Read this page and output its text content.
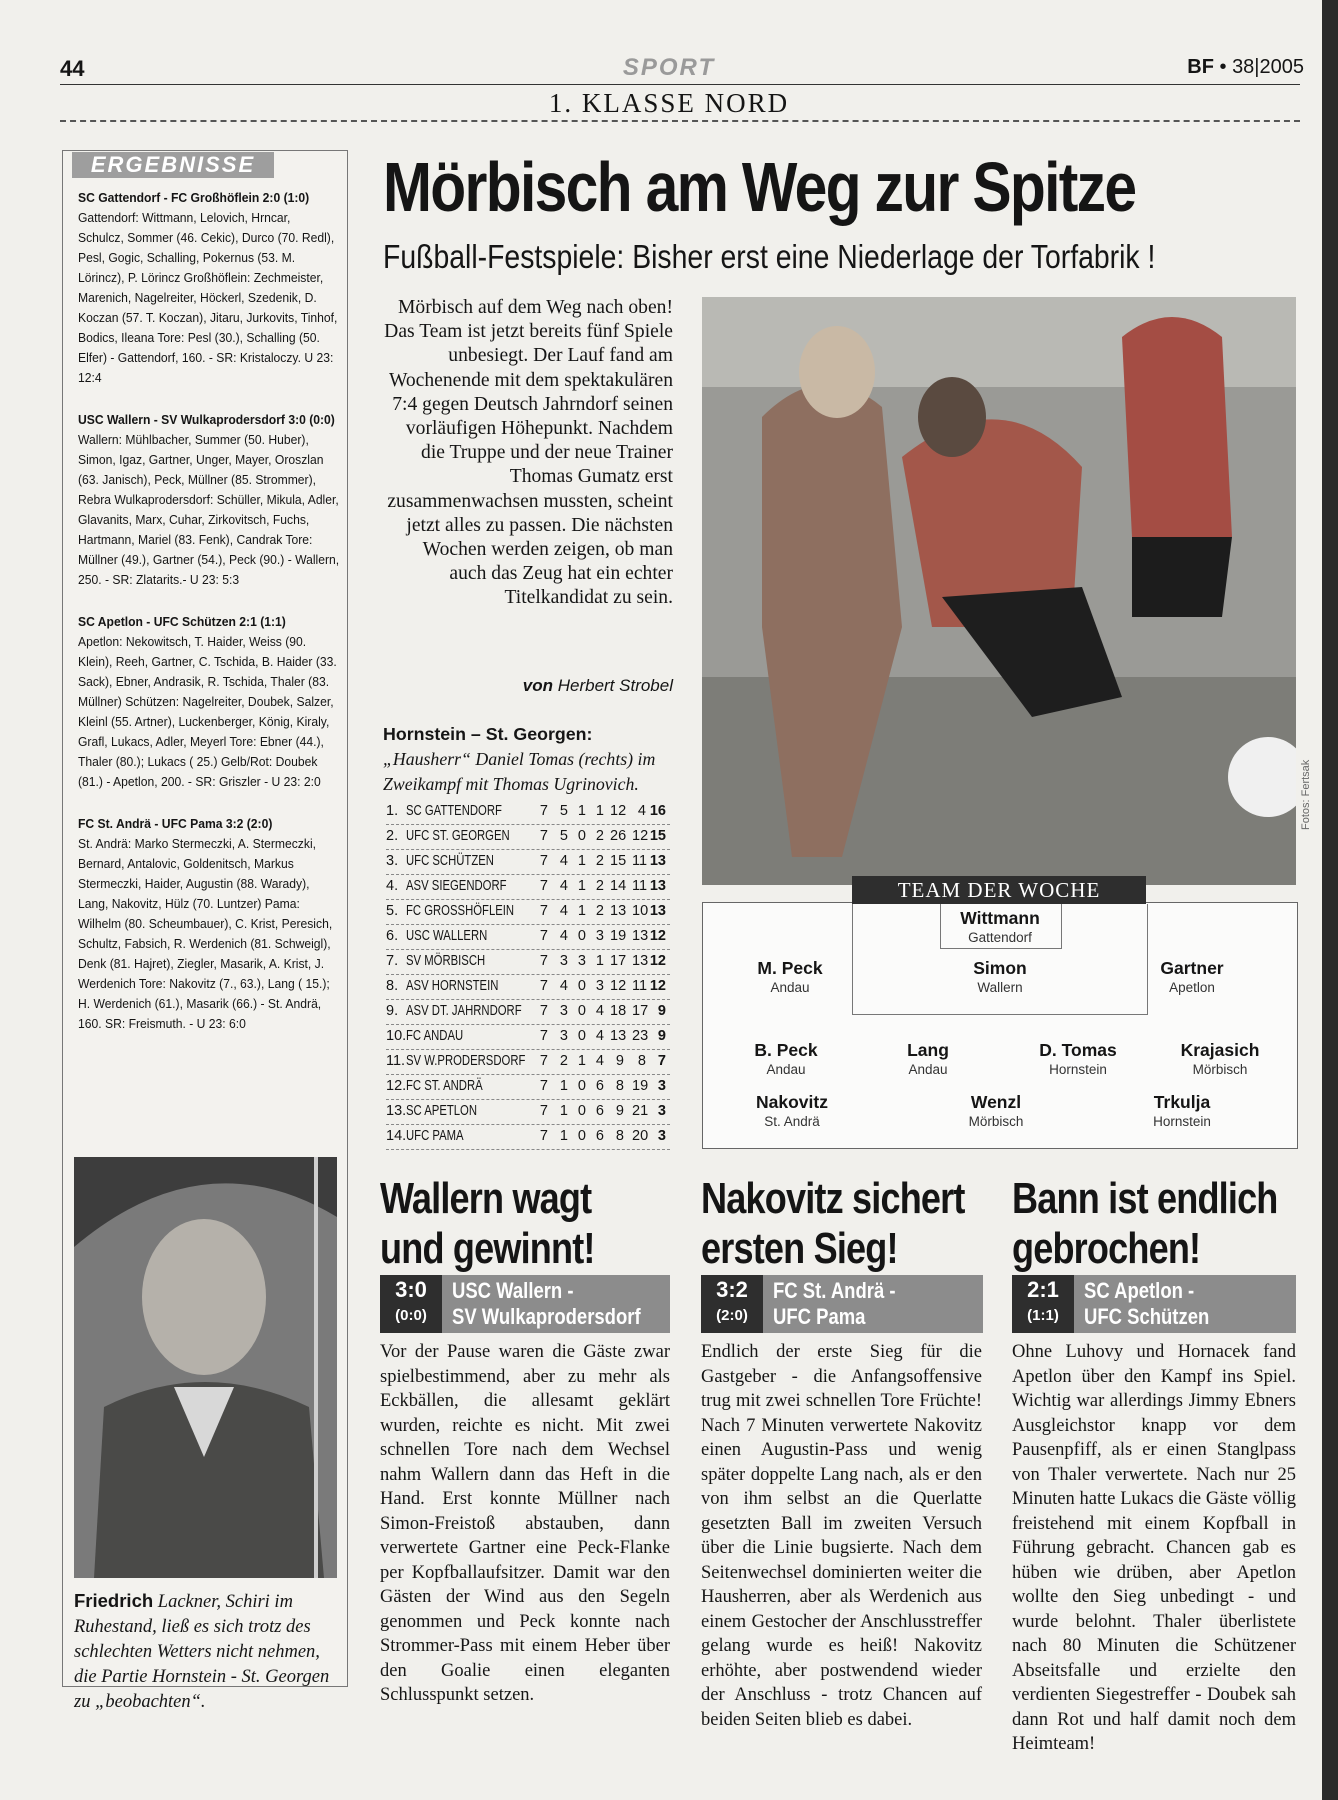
44	SPORT	BF • 38|2005
1. KLASSE NORD
ERGEBNISSE
SC Gattendorf - FC Großhöflein 2:0 (1:0)
Gattendorf: Wittmann, Lelovich, Hrncar, Schulcz, Sommer (46. Cekic), Durco (70. Redl), Pesl, Gogic, Schalling, Pokernus (53. M. Lörincz), P. Lörincz Großhöflein: Zechmeister, Marenich, Nagelreiter, Höckerl, Szedenik, D. Koczan (57. T. Koczan), Jitaru, Jurkovits, Tinhof, Bodics, Ileana Tore: Pesl (30.), Schalling (50. Elfer) - Gattendorf, 160. - SR: Kristaloczy. U 23: 12:4
USC Wallern - SV Wulkaprodersdorf 3:0 (0:0)
Wallern: Mühlbacher, Summer (50. Huber), Simon, Igaz, Gartner, Unger, Mayer, Oroszlan (63. Janisch), Peck, Müllner (85. Strommer), Rebra Wulkaprodersdorf: Schüller, Mikula, Adler, Glavanits, Marx, Cuhar, Zirkovitsch, Fuchs, Hartmann, Mariel (83. Fenk), Candrak Tore: Müllner (49.), Gartner (54.), Peck (90.) - Wallern, 250. - SR: Zlatarits.- U 23: 5:3
SC Apetlon - UFC Schützen 2:1 (1:1)
Apetlon: Nekowitsch, T. Haider, Weiss (90. Klein), Reeh, Gartner, C. Tschida, B. Haider (33. Sack), Ebner, Andrasik, R. Tschida, Thaler (83. Müllner) Schützen: Nagelreiter, Doubek, Salzer, Kleinl (55. Artner), Luckenberger, König, Kiraly, Grafl, Lukacs, Adler, Meyerl Tore: Ebner (44.), Thaler (80.); Lukacs ( 25.) Gelb/Rot: Doubek (81.) - Apetlon, 200. - SR: Griszler - U 23: 2:0
FC St. Andrä - UFC Pama 3:2 (2:0)
St. Andrä: Marko Stermeczki, A. Stermeczki, Bernard, Antalovic, Goldenitsch, Markus Stermeczki, Haider, Augustin (88. Warady), Lang, Nakovitz, Hülz (70. Luntzer) Pama: Wilhelm (80. Scheumbauer), C. Krist, Peresich, Schultz, Fabsich, R. Werdenich (81. Schweigl), Denk (81. Hajret), Ziegler, Masarik, A. Krist, J. Werdenich Tore: Nakovitz (7., 63.), Lang ( 15.); H. Werdenich (61.), Masarik (66.) - St. Andrä, 160. SR: Freismuth. - U 23: 6:0
Friedrich Lackner, Schiri im Ruhestand, ließ es sich trotz des schlechten Wetters nicht nehmen, die Partie Hornstein - St. Georgen zu „beobachten“.
Mörbisch am Weg zur Spitze
Fußball-Festspiele: Bisher erst eine Niederlage der Torfabrik !
Mörbisch auf dem Weg nach oben! Das Team ist jetzt bereits fünf Spiele unbesiegt. Der Lauf fand am Wochenende mit dem spektakulären 7:4 gegen Deutsch Jahrndorf seinen vorläufigen Höhepunkt. Nachdem die Truppe und der neue Trainer Thomas Gumatz erst zusammenwachsen mussten, scheint jetzt alles zu passen. Die nächsten Wochen werden zeigen, ob man auch das Zeug hat ein echter Titelkandidat zu sein.
von Herbert Strobel
Hornstein – St. Georgen: „Hausherr“ Daniel Tomas (rechts) im Zweikampf mit Thomas Ugrinovich.	Fotos: Fertsak
1. SC GATTENDORF	7 5 1 1 12 4 16
2. UFC ST. GEORGEN	7 5 0 2 26 12 15
3. UFC SCHÜTZEN	7 4 1 2 15 11 13
4. ASV SIEGENDORF	7 4 1 2 14 11 13
5. FC GROSSHÖFLEIN	7 4 1 2 13 10 13
6. USC WALLERN	7 4 0 3 19 13 12
7. SV MÖRBISCH	7 3 3 1 17 13 12
8. ASV HORNSTEIN	7 4 0 3 12 11 12
9. ASV DT. JAHRNDORF	7 3 0 4 18 17 9
10. FC ANDAU	7 3 0 4 13 23 9
11. SV W.PRODERSDORF	7 2 1 4 9 8 7
12. FC ST. ANDRÄ	7 1 0 6 8 19 3
13. SC APETLON	7 1 0 6 9 21 3
14. UFC PAMA	7 1 0 6 8 20 3
TEAM DER WOCHE
Wittmann
Gattendorf
M. Peck
Andau
Simon
Wallern
Gartner
Apetlon
B. Peck
Andau
Lang
Andau
D. Tomas
Hornstein
Krajasich
Mörbisch
Nakovitz
St. Andrä
Wenzl
Mörbisch
Trkulja
Hornstein
Wallern wagt
und gewinnt!
3:0
(0:0)
USC Wallern -
SV Wulkaprodersdorf
Vor der Pause waren die Gäste zwar spielbestimmend, aber zu mehr als Eckbällen, die allesamt geklärt wurden, reichte es nicht. Mit zwei schnellen Tore nach dem Wechsel nahm Wallern dann das Heft in die Hand. Erst konnte Müllner nach Simon-Freistoß abstauben, dann verwertete Gartner eine Peck-Flanke per Kopfballaufsitzer. Damit war den Gästen der Wind aus den Segeln genommen und Peck konnte nach Strommer-Pass mit einem Heber über den Goalie einen eleganten Schlusspunkt setzen.
Nakovitz sichert
ersten Sieg!
3:2
(2:0)
FC St. Andrä -
UFC Pama
Endlich der erste Sieg für die Gastgeber - die Anfangsoffensive trug mit zwei schnellen Tore Früchte! Nach 7 Minuten verwertete Nakovitz einen Augustin-Pass und wenig später doppelte Lang nach, als er den von ihm selbst an die Querlatte gesetzten Ball im zweiten Versuch über die Linie bugsierte. Nach dem Seitenwechsel dominierten weiter die Hausherren, aber als Werdenich aus einem Gestocher der Anschlusstreffer gelang wurde es heiß! Nakovitz erhöhte, aber postwendend wieder der Anschluss - trotz Chancen auf beiden Seiten blieb es dabei.
Bann ist endlich
gebrochen!
2:1
(1:1)
SC Apetlon -
UFC Schützen
Ohne Luhovy und Hornacek fand Apetlon über den Kampf ins Spiel. Wichtig war allerdings Jimmy Ebners Ausgleichstor knapp vor dem Pausenpfiff, als er einen Stanglpass von Thaler verwertete. Nach nur 25 Minuten hatte Lukacs die Gäste völlig freistehend mit einem Kopfball in Führung gebracht. Chancen gab es hüben wie drüben, aber Apetlon wollte den Sieg unbedingt - und wurde belohnt. Thaler überlistete nach 80 Minuten die Schützener Abseitsfalle und erzielte den verdienten Siegestreffer - Doubek sah dann Rot und half damit noch dem Heimteam!
